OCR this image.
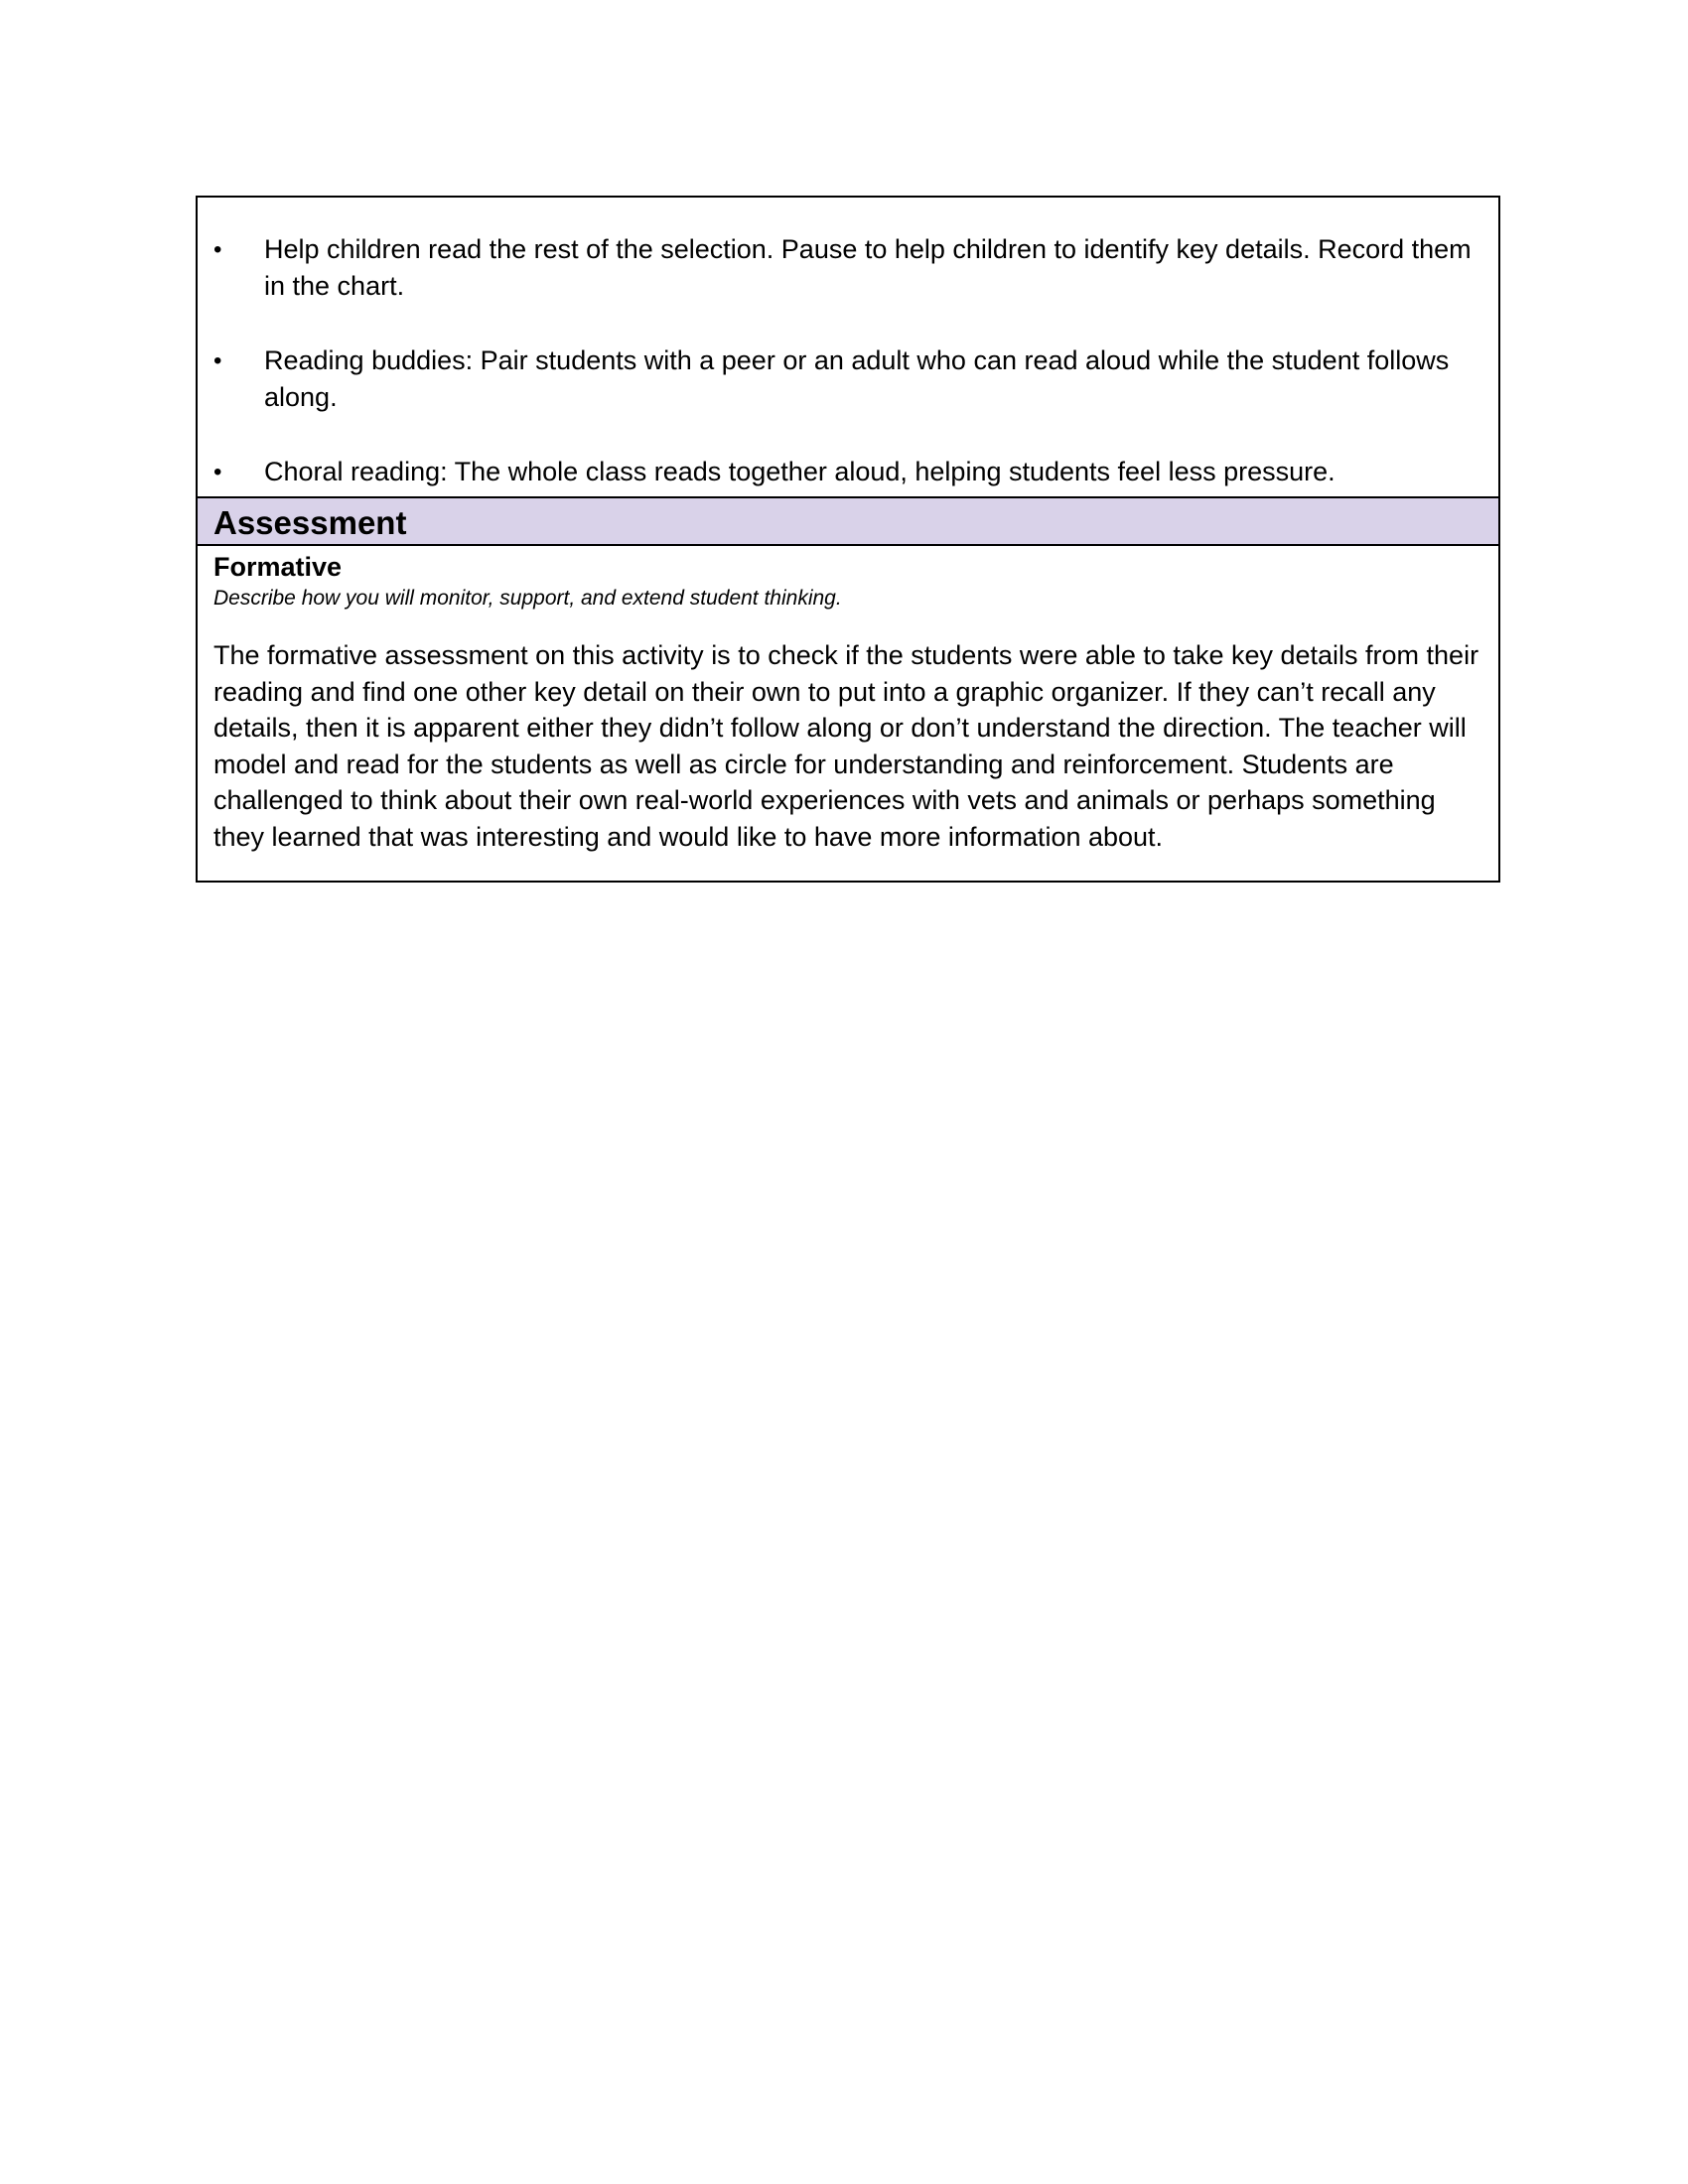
•	Help children read the rest of the selection. Pause to help children to identify key details. Record them in the chart.
•	Reading buddies: Pair students with a peer or an adult who can read aloud while the student follows along.
•	Choral reading: The whole class reads together aloud, helping students feel less pressure.
Assessment
Formative
Describe how you will monitor, support, and extend student thinking.
The formative assessment on this activity is to check if the students were able to take key details from their reading and find one other key detail on their own to put into a graphic organizer. If they can’t recall any details, then it is apparent either they didn’t follow along or don’t understand the direction. The teacher will model and read for the students as well as circle for understanding and reinforcement. Students are challenged to think about their own real-world experiences with vets and animals or perhaps something they learned that was interesting and would like to have more information about.
